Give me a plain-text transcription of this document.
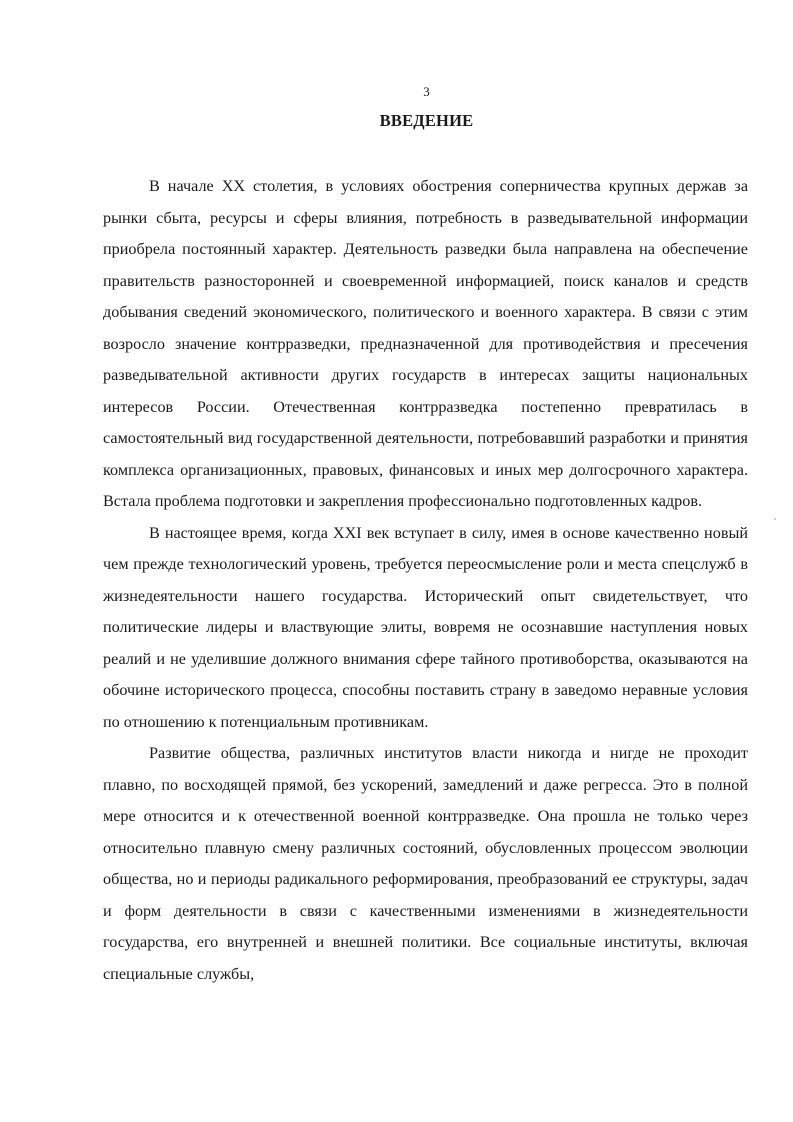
3
ВВЕДЕНИЕ

В начале XX столетия, в условиях обострения соперничества крупных держав за рынки сбыта, ресурсы и сферы влияния, потребность в разведывательной информации приобрела постоянный характер. Деятельность разведки была направлена на обеспечение правительств разносторонней и своевременной информацией, поиск каналов и средств добывания сведений экономического, политического и военного характера. В связи с этим возросло значение контрразведки, предназначенной для противодействия и пресечения разведывательной активности других государств в интересах защиты национальных интересов России. Отечественная контрразведка постепенно превратилась в самостоятельный вид государственной деятельности, потребовавший разработки и принятия комплекса организационных, правовых, финансовых и иных мер долгосрочного характера. Встала проблема подготовки и закрепления профессионально подготовленных кадров.

В настоящее время, когда XXI век вступает в силу, имея в основе качественно новый чем прежде технологический уровень, требуется переосмысление роли и места спецслужб в жизнедеятельности нашего государства. Исторический опыт свидетельствует, что политические лидеры и властвующие элиты, вовремя не осознавшие наступления новых реалий и не уделившие должного внимания сфере тайного противоборства, оказываются на обочине исторического процесса, способны поставить страну в заведомо неравные условия по отношению к потенциальным противникам.

Развитие общества, различных институтов власти никогда и нигде не проходит плавно, по восходящей прямой, без ускорений, замедлений и даже регресса. Это в полной мере относится и к отечественной военной контрразведке. Она прошла не только через относительно плавную смену различных состояний, обусловленных процессом эволюции общества, но и периоды радикального реформирования, преобразований ее структуры, задач и форм деятельности в связи с качественными изменениями в жизнедеятельности государства, его внутренней и внешней политики. Все социальные институты, включая специальные службы,
